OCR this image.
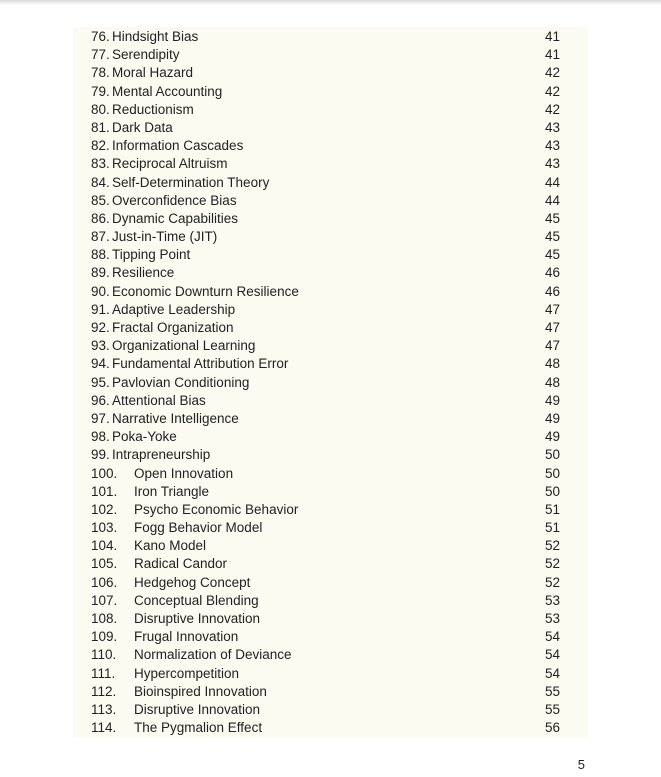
76. Hindsight Bias	41
77. Serendipity	41
78. Moral Hazard	42
79. Mental Accounting	42
80. Reductionism	42
81. Dark Data	43
82. Information Cascades	43
83. Reciprocal Altruism	43
84. Self-Determination Theory	44
85. Overconfidence Bias	44
86. Dynamic Capabilities	45
87. Just-in-Time (JIT)	45
88. Tipping Point	45
89. Resilience	46
90. Economic Downturn Resilience	46
91. Adaptive Leadership	47
92. Fractal Organization	47
93. Organizational Learning	47
94. Fundamental Attribution Error	48
95. Pavlovian Conditioning	48
96. Attentional Bias	49
97. Narrative Intelligence	49
98. Poka-Yoke	49
99. Intrapreneurship	50
100.	Open Innovation	50
101.	Iron Triangle	50
102.	Psycho Economic Behavior	51
103.	Fogg Behavior Model	51
104.	Kano Model	52
105.	Radical Candor	52
106.	Hedgehog Concept	52
107.	Conceptual Blending	53
108.	Disruptive Innovation	53
109.	Frugal Innovation	54
110.	Normalization of Deviance	54
111.	Hypercompetition	54
112.	Bioinspired Innovation	55
113.	Disruptive Innovation	55
114.	The Pygmalion Effect	56
5
